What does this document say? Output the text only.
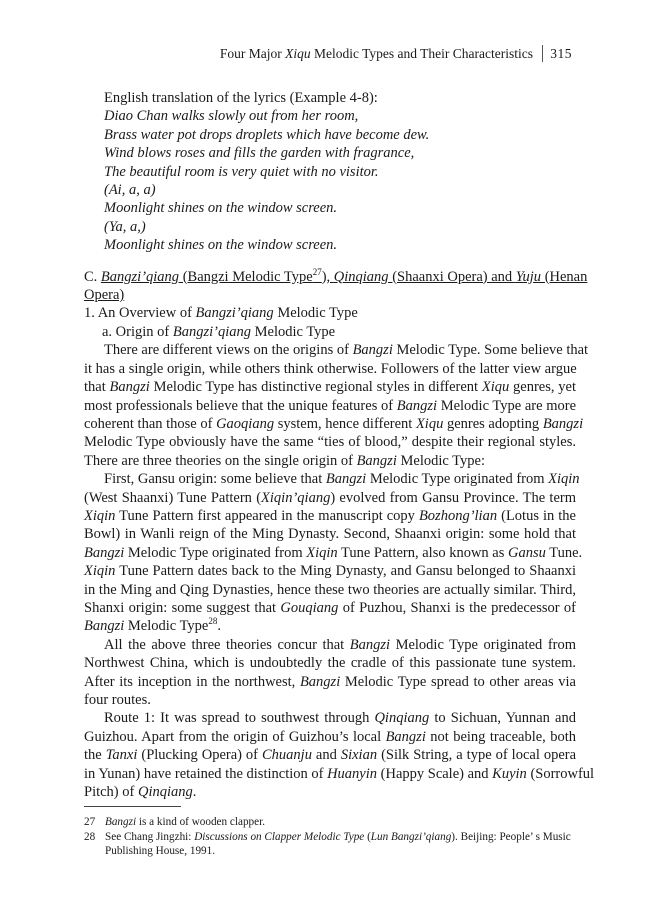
Four Major Xiqu Melodic Types and Their Characteristics 315
English translation of the lyrics (Example 4-8):
Diao Chan walks slowly out from her room,
Brass water pot drops droplets which have become dew.
Wind blows roses and fills the garden with fragrance,
The beautiful room is very quiet with no visitor.
(Ai, a, a)
Moonlight shines on the window screen.
(Ya, a,)
Moonlight shines on the window screen.
C. Bangzi’qiang (Bangzi Melodic Type$^{27}$), Qinqiang (Shaanxi Opera) and Yuju (Henan
Opera)
1. An Overview of Bangzi’qiang Melodic Type
a. Origin of Bangzi’qiang Melodic Type
There are different views on the origins of Bangzi Melodic Type. Some believe that
it has a single origin, while others think otherwise. Followers of the latter view argue
that Bangzi Melodic Type has distinctive regional styles in different Xiqu genres, yet
most professionals believe that the unique features of Bangzi Melodic Type are more
coherent than those of Gaoqiang system, hence different Xiqu genres adopting Bangzi
Melodic Type obviously have the same “ties of blood,” despite their regional styles.
There are three theories on the single origin of Bangzi Melodic Type:
First, Gansu origin: some believe that Bangzi Melodic Type originated from Xiqin
(West Shaanxi) Tune Pattern (Xiqin’qiang) evolved from Gansu Province. The term
Xiqin Tune Pattern first appeared in the manuscript copy Bozhong’lian (Lotus in the
Bowl) in Wanli reign of the Ming Dynasty. Second, Shaanxi origin: some hold that
Bangzi Melodic Type originated from Xiqin Tune Pattern, also known as Gansu Tune.
Xiqin Tune Pattern dates back to the Ming Dynasty, and Gansu belonged to Shaanxi
in the Ming and Qing Dynasties, hence these two theories are actually similar. Third,
Shanxi origin: some suggest that Gouqiang of Puzhou, Shanxi is the predecessor of
Bangzi Melodic Type$^{28}$.
All the above three theories concur that Bangzi Melodic Type originated from
Northwest China, which is undoubtedly the cradle of this passionate tune system.
After its inception in the northwest, Bangzi Melodic Type spread to other areas via
four routes.
Route 1: It was spread to southwest through Qinqiang to Sichuan, Yunnan and
Guizhou. Apart from the origin of Guizhou’s local Bangzi not being traceable, both
the Tanxi (Plucking Opera) of Chuanju and Sixian (Silk String, a type of local opera
in Yunan) have retained the distinction of Huanyin (Happy Scale) and Kuyin (Sorrowful
Pitch) of Qinqiang.
27 Bangzi is a kind of wooden clapper.
28 See Chang Jingzhi: Discussions on Clapper Melodic Type (Lun Bangzi’qiang). Beijing: People’ s Music
Publishing House, 1991.
